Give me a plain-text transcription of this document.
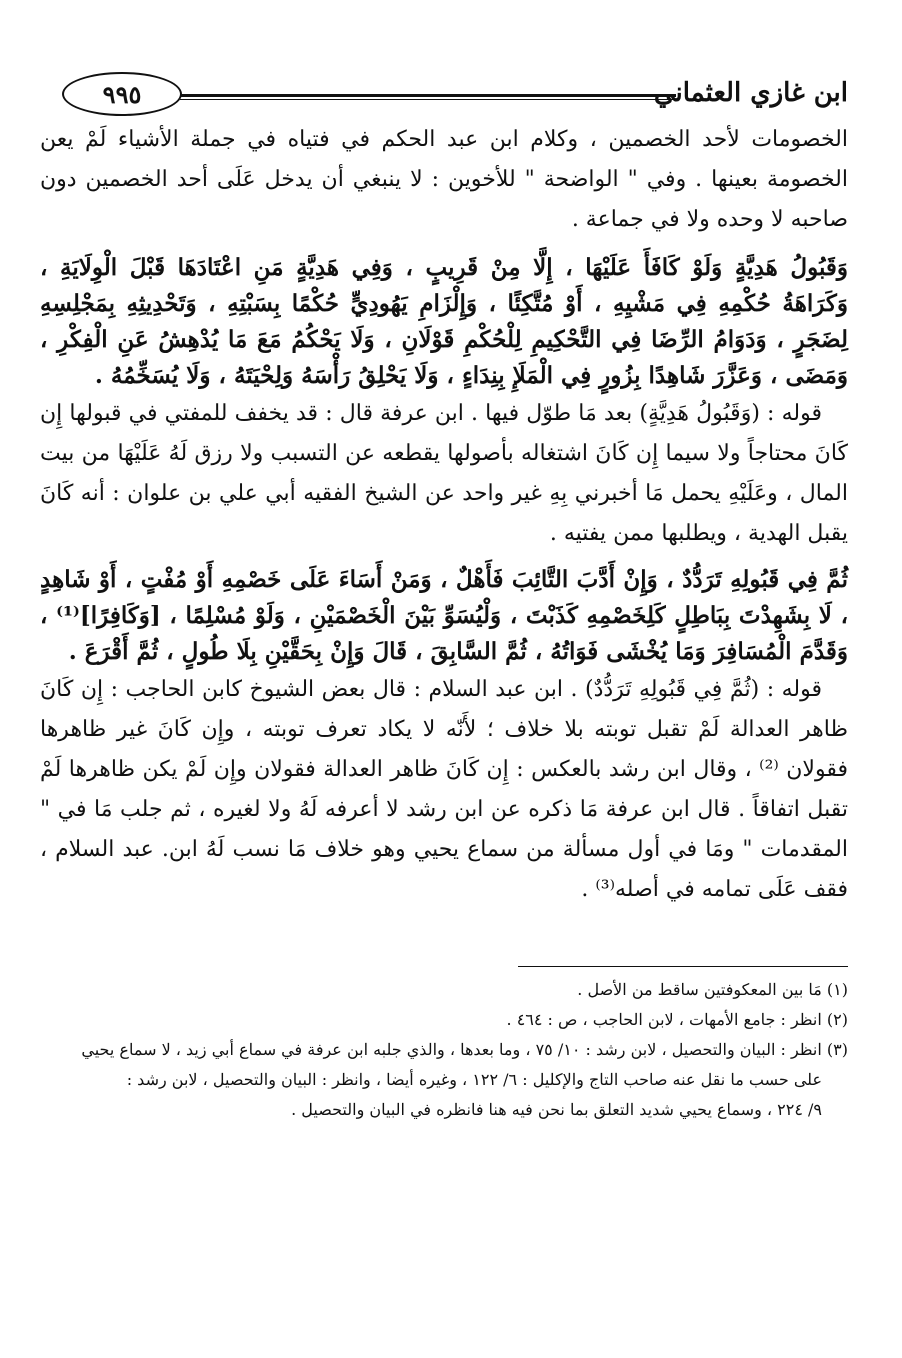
٩٩٥	ابن غازي العثماني

الخصومات لأحد الخصمين ، وكلام ابن عبد الحكم في فتياه في جملة الأشياء لَمْ يعن الخصومة بعينها . وفي " الواضحة " للأخوين : لا ينبغي أن يدخل عَلَى أحد الخصمين دون صاحبه لا وحده ولا في جماعة .

وَقَبُولُ هَدِيَّةٍ وَلَوْ كَافَأَ عَلَيْهَا ، إِلَّا مِنْ قَرِيبٍ ، وَفِي هَدِيَّةٍ مَنِ اعْتَادَهَا قَبْلَ الْوِلَايَةِ ، وَكَرَاهَةُ حُكْمِهِ فِي مَشْيِهِ ، أَوْ مُتَّكِئًا ، وَإِلْزَامِ يَهُودِيٍّ حُكْمًا بِسَبْتِهِ ، وَتَحْدِيثِهِ بِمَجْلِسِهِ لِضَجَرٍ ، وَدَوَامُ الرِّضَا فِي التَّحْكِيمِ لِلْحُكْمِ قَوْلَانِ ، وَلَا يَحْكُمُ مَعَ مَا يُدْهِشُ عَنِ الْفِكْرِ ، وَمَضَى ، وَعَزَّرَ شَاهِدًا بِزُورٍ فِي الْمَلَإِ بِنِدَاءٍ ، وَلَا يَحْلِقُ رَأْسَهُ وَلِحْيَتَهُ ، وَلَا يُسَخِّمُهُ .

قوله : (وَقَبُولُ هَدِيَّةٍ) بعد مَا طوّل فيها . ابن عرفة قال : قد يخفف للمفتي في قبولها إِن كَانَ محتاجاً ولا سيما إِن كَانَ اشتغاله بأصولها يقطعه عن التسبب ولا رزق لَهُ عَلَيْهَا من بيت المال ، وعَلَيْهِ يحمل مَا أخبرني بِهِ غير واحد عن الشيخ الفقيه أبي علي بن علوان : أنه كَانَ يقبل الهدية ، ويطلبها ممن يفتيه .

ثُمَّ فِي قَبُولِهِ تَرَدُّدٌ ، وَإِنْ أَدَّبَ التَّائِبَ فَأَهْلٌ ، وَمَنْ أَسَاءَ عَلَى خَصْمِهِ أَوْ مُفْتٍ ، أَوْ شَاهِدٍ ، لَا بِشَهِدْتَ بِبَاطِلٍ كَلِخَصْمِهِ كَذَبْتَ ، وَلْيُسَوِّ بَيْنَ الْخَصْمَيْنِ ، وَلَوْ مُسْلِمًا ، [وَكَافِرًا]⁽¹⁾ ، وَقَدَّمَ الْمُسَافِرَ وَمَا يُخْشَى فَوَاتُهُ ، ثُمَّ السَّابِقَ ، قَالَ وَإِنْ بِحَقَّيْنِ بِلَا طُولٍ ، ثُمَّ أَقْرَعَ .

قوله : (ثُمَّ فِي قَبُولِهِ تَرَدُّدٌ) . ابن عبد السلام : قال بعض الشيوخ كابن الحاجب : إِن كَانَ ظاهر العدالة لَمْ تقبل توبته بلا خلاف ؛ لأَنّه لا يكاد تعرف توبته ، وإِن كَانَ غير ظاهرها فقولان ⁽²⁾ ، وقال ابن رشد بالعكس : إِن كَانَ ظاهر العدالة فقولان وإِن لَمْ يكن ظاهرها لَمْ تقبل اتفاقاً . قال ابن عرفة مَا ذكره عن ابن رشد لا أعرفه لَهُ ولا لغيره ، ثم جلب مَا في " المقدمات " ومَا في أول مسألة من سماع يحيي وهو خلاف مَا نسب لَهُ ابن. عبد السلام ، فقف عَلَى تمامه في أصله⁽³⁾ .

(١) مَا بين المعكوفتين ساقط من الأصل .

(٢) انظر : جامع الأمهات ، لابن الحاجب ، ص : ٤٦٤ .

(٣) انظر : البيان والتحصيل ، لابن رشد : ١٠/ ٧٥ ، وما بعدها ، والذي جلبه ابن عرفة في سماع أبي زيد ، لا سماع يحيي

على حسب ما نقل عنه صاحب التاج والإكليل : ٦/ ١٢٢ ، وغيره أيضا ، وانظر : البيان والتحصيل ، لابن رشد :

٩/ ٢٢٤ ، وسماع يحيي شديد التعلق بما نحن فيه هنا فانظره في البيان والتحصيل .
